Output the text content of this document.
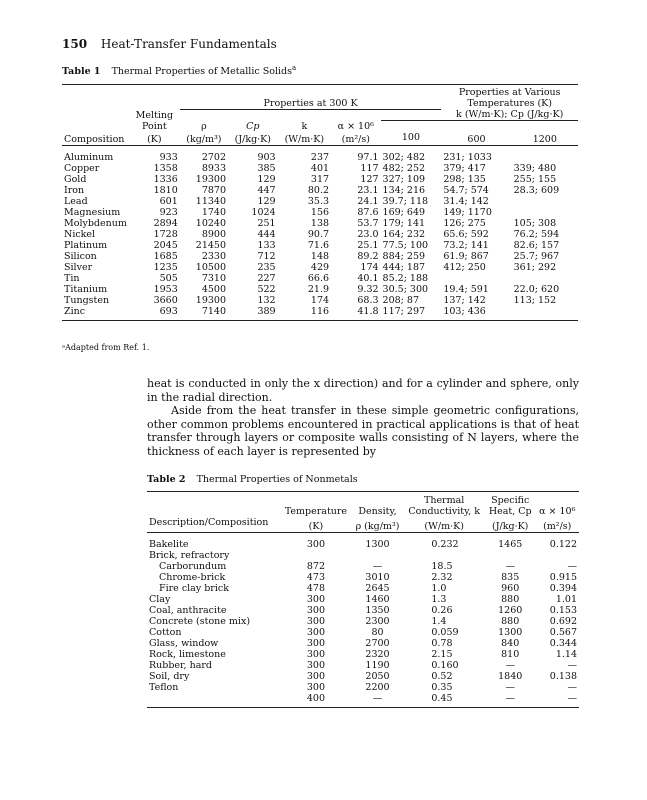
150 Heat-Transfer Fundamentals
Table 1 Thermal Properties of Metallic Solids$^a$
		Properties at 300 K					Properties at Various
Temperatures (K)	

	Melting						k (W/m·K); Cp (J/kg·K)	
	Point	ρ	Cp	k	α × 10⁶			
Composition	(K)	(kg/m³)	(J/kg·K)	(W/m·K)	(m²/s)	100	600	1200

Aluminum	933	2702	903	237	97.1	302; 482	231; 1033	
Copper	1358	8933	385	401	117	482; 252	379; 417	339; 480
Gold	1336	19300	129	317	127	327; 109	298; 135	255; 155
Iron	1810	7870	447	80.2	23.1	134; 216	54.7; 574	28.3; 609
Lead	601	11340	129	35.3	24.1	39.7; 118	31.4; 142	
Magnesium	923	1740	1024	156	87.6	169; 649	149; 1170	
Molybdenum	2894	10240	251	138	53.7	179; 141	126; 275	105; 308
Nickel	1728	8900	444	90.7	23.0	164; 232	65.6; 592	76.2; 594
Platinum	2045	21450	133	71.6	25.1	77.5; 100	73.2; 141	82.6; 157
Silicon	1685	2330	712	148	89.2	884; 259	61.9; 867	25.7; 967
Silver	1235	10500	235	429	174	444; 187	412; 250	361; 292
Tin	505	7310	227	66.6	40.1	85.2; 188		
Titanium	1953	4500	522	21.9	9.32	30.5; 300	19.4; 591	22.0; 620
Tungsten	3660	19300	132	174	68.3	208; 87	137; 142	113; 152
Zinc	693	7140	389	116	41.8	117; 297	103; 436	
ᵃAdapted from Ref. 1.

heat is conducted in only the x direction) and for a cylinder and sphere, only in the radial direction.

Aside from the heat transfer in these simple geometric configurations, other common problems encountered in practical applications is that of heat transfer through layers or composite walls consisting of N layers, where the thickness of each layer is represented by

Table 2 Thermal Properties of Nonmetals
			Thermal	Specific	
	Temperature	Density,	Conductivity, k	Heat, Cp	α × 10⁶
Description/Composition	(K)	ρ (kg/m³)	(W/m·K)	(J/kg·K)	(m²/s)

Bakelite	300	1300	0.232	1465	0.122
Brick, refractory					
Carborundum	872	—	18.5	—	—
Chrome-brick	473	3010	2.32	835	0.915
Fire clay brick	478	2645	1.0	960	0.394
Clay	300	1460	1.3	880	1.01
Coal, anthracite	300	1350	0.26	1260	0.153
Concrete (stone mix)	300	2300	1.4	880	0.692
Cotton	300	80	0.059	1300	0.567
Glass, window	300	2700	0.78	840	0.344
Rock, limestone	300	2320	2.15	810	1.14
Rubber, hard	300	1190	0.160	—	—
Soil, dry	300	2050	0.52	1840	0.138
Teflon	300	2200	0.35	—	—
	400	—	0.45	—	—
